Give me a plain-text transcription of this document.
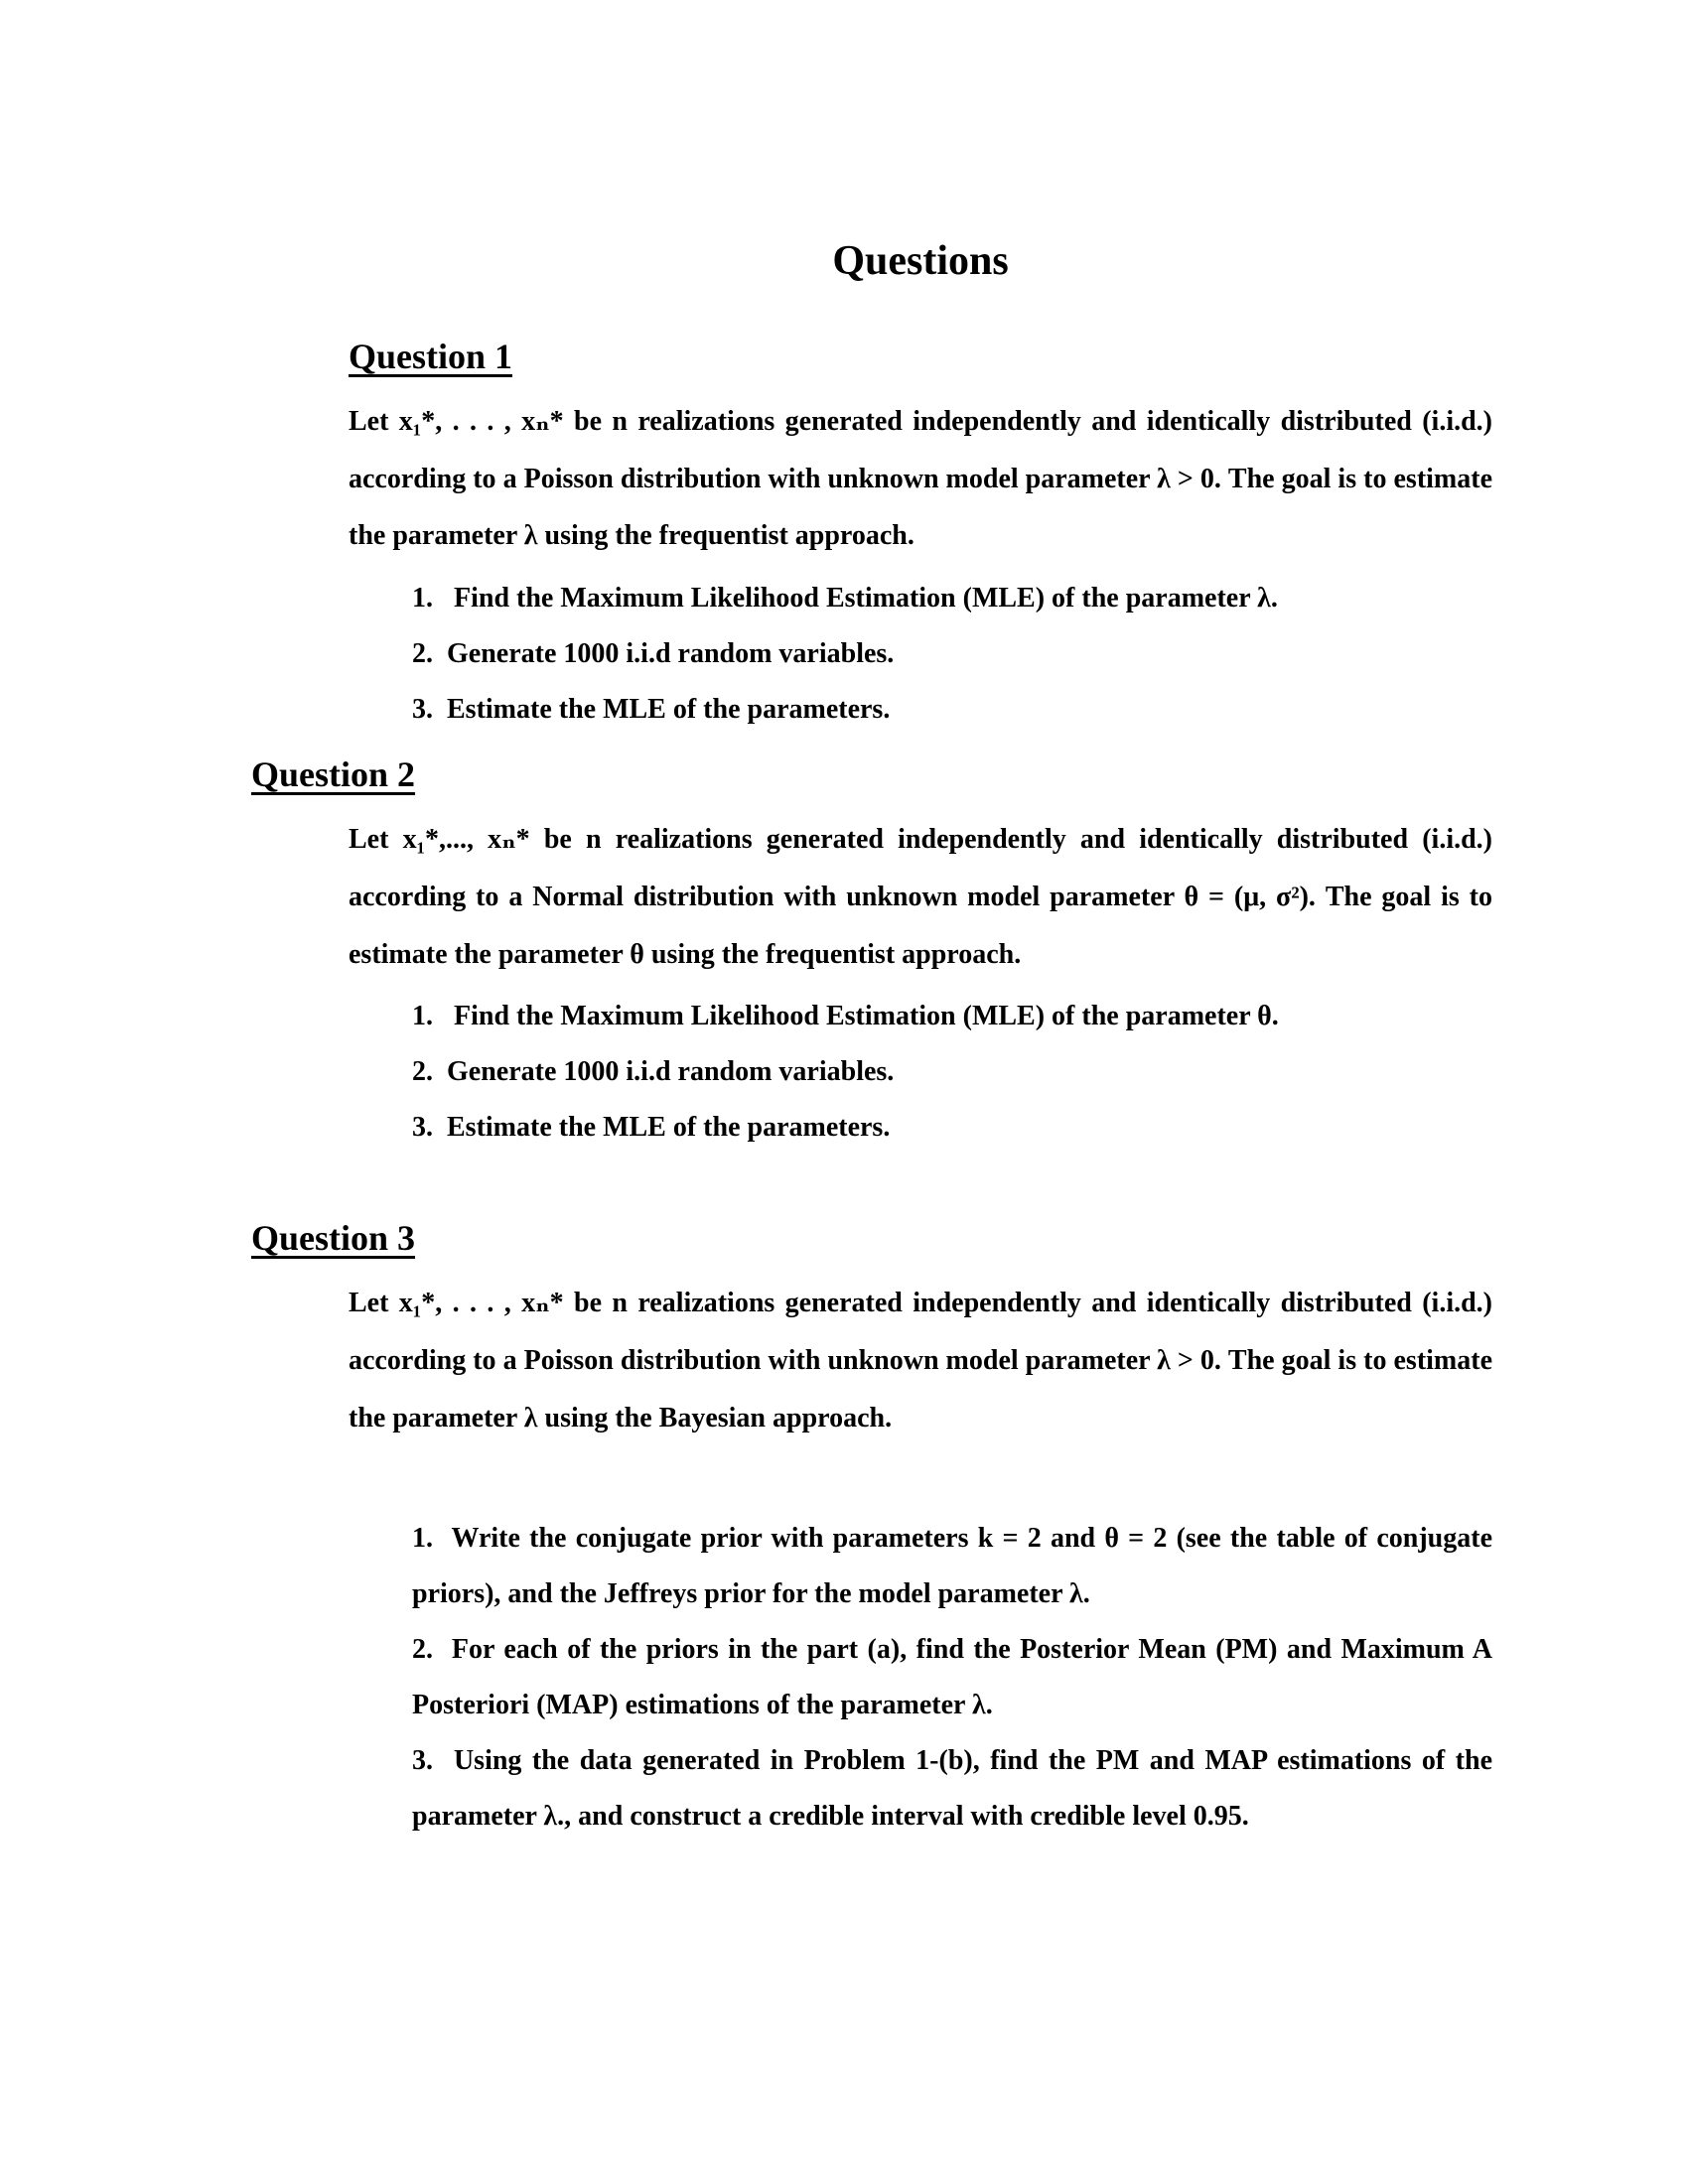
Questions
Question 1

Let x₁*, . . . , xₙ* be n realizations generated independently and identically distributed (i.i.d.) according to a Poisson distribution with unknown model parameter λ > 0. The goal is to estimate the parameter λ using the frequentist approach.

1.   Find the Maximum Likelihood Estimation (MLE) of the parameter λ.

2.  Generate 1000 i.i.d random variables.

3.  Estimate the MLE of the parameters.

Question 2

Let x₁*,..., xₙ* be n realizations generated independently and identically distributed (i.i.d.) according to a Normal distribution with unknown model parameter θ = (μ, σ²). The goal is to estimate the parameter θ using the frequentist approach.

1.   Find the Maximum Likelihood Estimation (MLE) of the parameter θ.

2.  Generate 1000 i.i.d random variables.

3.  Estimate the MLE of the parameters.

Question 3

Let x₁*, . . . , xₙ* be n realizations generated independently and identically distributed (i.i.d.) according to a Poisson distribution with unknown model parameter λ > 0. The goal is to estimate the parameter λ using the Bayesian approach.

1.  Write the conjugate prior with parameters k = 2 and θ = 2 (see the table of conjugate priors), and the Jeffreys prior for the model parameter λ.

2.  For each of the priors in the part (a), find the Posterior Mean (PM) and Maximum A Posteriori (MAP) estimations of the parameter λ.

3.  Using the data generated in Problem 1-(b), find the PM and MAP estimations of the parameter λ., and construct a credible interval with credible level 0.95.
